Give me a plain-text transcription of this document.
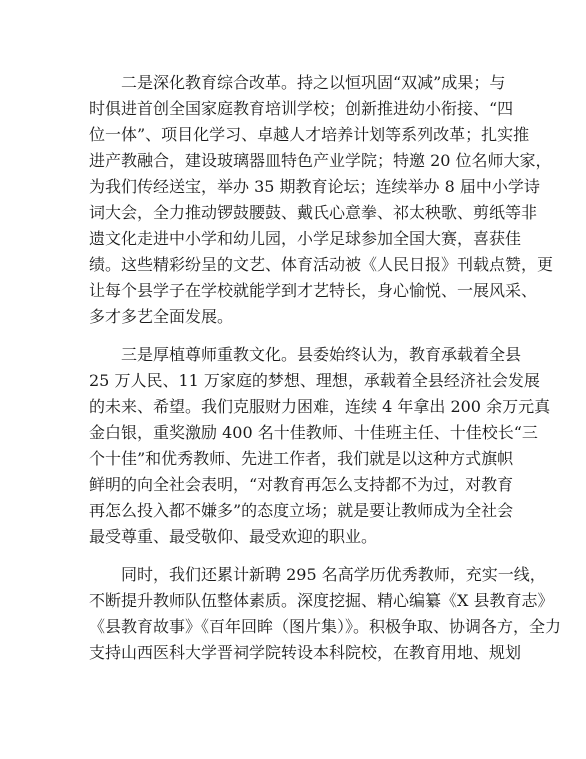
二是深化教育综合改革。持之以恒巩固“双减”成果；与
时俱进首创全国家庭教育培训学校；创新推进幼小衔接、“四
位一体”、项目化学习、卓越人才培养计划等系列改革；扎实推
进产教融合，建设玻璃器皿特色产业学院；特邀 20 位名师大家，
为我们传经送宝，举办 35 期教育论坛；连续举办 8 届中小学诗
词大会，全力推动锣鼓腰鼓、戴氏心意拳、祁太秧歌、剪纸等非
遗文化走进中小学和幼儿园，小学足球参加全国大赛，喜获佳
绩。这些精彩纷呈的文艺、体育活动被《人民日报》刊载点赞，更
让每个县学子在学校就能学到才艺特长，身心愉悦、一展风采、
多才多艺全面发展。

三是厚植尊师重教文化。县委始终认为，教育承载着全县
25 万人民、11 万家庭的梦想、理想，承载着全县经济社会发展
的未来、希望。我们克服财力困难，连续 4 年拿出 200 余万元真
金白银，重奖激励 400 名十佳教师、十佳班主任、十佳校长“三
个十佳”和优秀教师、先进工作者，我们就是以这种方式旗帜
鲜明的向全社会表明，“对教育再怎么支持都不为过，对教育
再怎么投入都不嫌多”的态度立场；就是要让教师成为全社会
最受尊重、最受敬仰、最受欢迎的职业。

同时，我们还累计新聘 295 名高学历优秀教师，充实一线，
不断提升教师队伍整体素质。深度挖掘、精心编纂《X 县教育志》
《县教育故事》《百年回眸（图片集）》。积极争取、协调各方，全力
支持山西医科大学晋祠学院转设本科院校，在教育用地、规划
